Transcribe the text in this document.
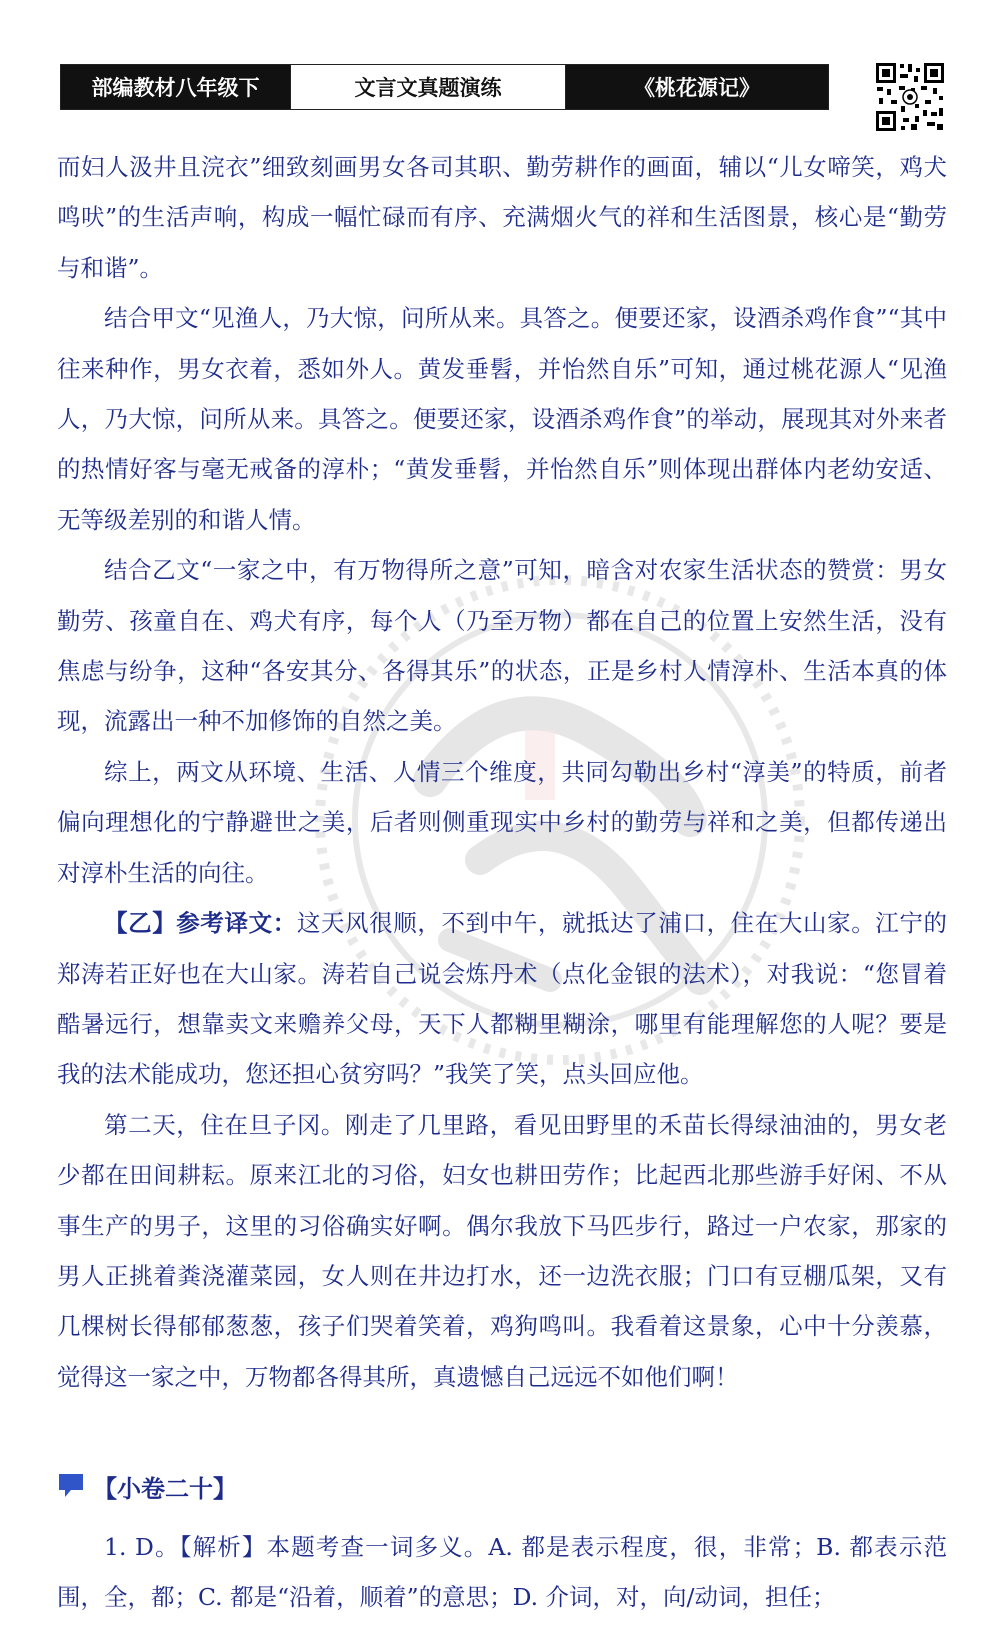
部编教材八年级下	文言文真题演练	《桃花源记》

而妇人汲井且浣衣”细致刻画男女各司其职、勤劳耕作的画面，辅以“儿女啼笑，鸡犬鸣吠”的生活声响，构成一幅忙碌而有序、充满烟火气的祥和生活图景，核心是“勤劳与和谐”。

结合甲文“见渔人，乃大惊，问所从来。具答之。便要还家，设酒杀鸡作食”“其中往来种作，男女衣着，悉如外人。黄发垂髫，并怡然自乐”可知，通过桃花源人“见渔人，乃大惊，问所从来。具答之。便要还家，设酒杀鸡作食”的举动，展现其对外来者的热情好客与毫无戒备的淳朴；“黄发垂髫，并怡然自乐”则体现出群体内老幼安适、无等级差别的和谐人情。

结合乙文“一家之中，有万物得所之意”可知，暗含对农家生活状态的赞赏：男女勤劳、孩童自在、鸡犬有序，每个人（乃至万物）都在自己的位置上安然生活，没有焦虑与纷争，这种“各安其分、各得其乐”的状态，正是乡村人情淳朴、生活本真的体现，流露出一种不加修饰的自然之美。

综上，两文从环境、生活、人情三个维度，共同勾勒出乡村“淳美”的特质，前者偏向理想化的宁静避世之美，后者则侧重现实中乡村的勤劳与祥和之美，但都传递出对淳朴生活的向往。

【乙】参考译文：这天风很顺，不到中午，就抵达了浦口，住在大山家。江宁的郑涛若正好也在大山家。涛若自己说会炼丹术（点化金银的法术），对我说：“您冒着酷暑远行，想靠卖文来赡养父母，天下人都糊里糊涂，哪里有能理解您的人呢？要是我的法术能成功，您还担心贫穷吗？”我笑了笑，点头回应他。

第二天，住在旦子冈。刚走了几里路，看见田野里的禾苗长得绿油油的，男女老少都在田间耕耘。原来江北的习俗，妇女也耕田劳作；比起西北那些游手好闲、不从事生产的男子，这里的习俗确实好啊。偶尔我放下马匹步行，路过一户农家，那家的男人正挑着粪浇灌菜园，女人则在井边打水，还一边洗衣服；门口有豆棚瓜架，又有几棵树长得郁郁葱葱，孩子们哭着笑着，鸡狗鸣叫。我看着这景象，心中十分羡慕，觉得这一家之中，万物都各得其所，真遗憾自己远远不如他们啊！

【小卷二十】

1. D。【解析】本题考查一词多义。A. 都是表示程度，很，非常；B. 都表示范围，全，都；C. 都是“沿着，顺着”的意思；D. 介词，对，向/动词，担任；
